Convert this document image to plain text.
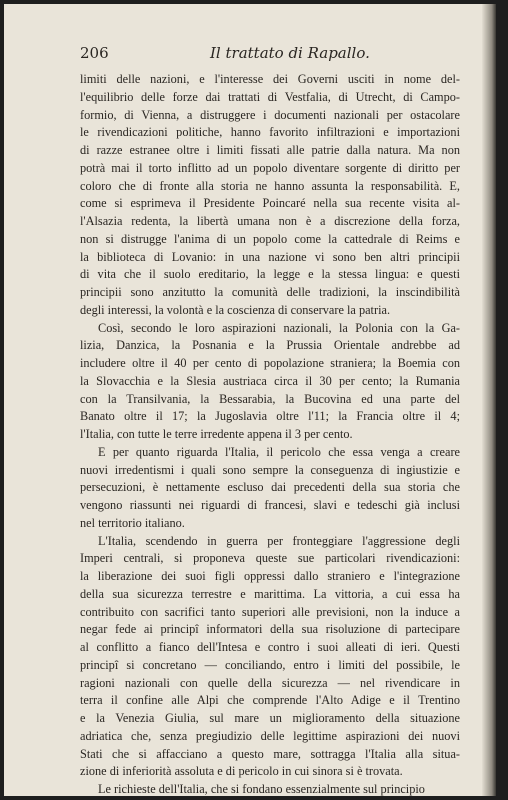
206	Il trattato di Rapallo.
limiti delle nazioni, e l'interesse dei Governi usciti in nome del-
l'equilibrio delle forze dai trattati di Vestfalia, di Utrecht, di Campo-
formio, di Vienna, a distruggere i documenti nazionali per ostacolare
le rivendicazioni politiche, hanno favorito infiltrazioni e importazioni
di razze estranee oltre i limiti fissati alle patrie dalla natura. Ma non
potrà mai il torto inflitto ad un popolo diventare sorgente di diritto per
coloro che di fronte alla storia ne hanno assunta la responsabilità. E,
come si esprimeva il Presidente Poincaré nella sua recente visita al-
l'Alsazia redenta, la libertà umana non è a discrezione della forza,
non si distrugge l'anima di un popolo come la cattedrale di Reims e
la biblioteca di Lovanio: in una nazione vi sono ben altri principii
di vita che il suolo ereditario, la legge e la stessa lingua: e questi
principii sono anzitutto la comunità delle tradizioni, la inscindibilità
degli interessi, la volontà e la coscienza di conservare la patria.
Così, secondo le loro aspirazioni nazionali, la Polonia con la Ga-
lizia, Danzica, la Posnania e la Prussia Orientale andrebbe ad
includere oltre il 40 per cento di popolazione straniera; la Boemia con
la Slovacchia e la Slesia austriaca circa il 30 per cento; la Rumania
con la Transilvania, la Bessarabia, la Bucovina ed una parte del
Banato oltre il 17; la Jugoslavia oltre l'11; la Francia oltre il 4;
l'Italia, con tutte le terre irredente appena il 3 per cento.
E per quanto riguarda l'Italia, il pericolo che essa venga a creare
nuovi irredentismi i quali sono sempre la conseguenza di ingiustizie e
persecuzioni, è nettamente escluso dai precedenti della sua storia che
vengono riassunti nei riguardi di francesi, slavi e tedeschi già inclusi
nel territorio italiano.
L'Italia, scendendo in guerra per fronteggiare l'aggressione degli
Imperi centrali, si proponeva queste sue particolari rivendicazioni:
la liberazione dei suoi figli oppressi dallo straniero e l'integrazione
della sua sicurezza terrestre e marittima. La vittoria, a cui essa ha
contribuito con sacrifici tanto superiori alle previsioni, non la induce a
negar fede ai principî informatori della sua risoluzione di partecipare
al conflitto a fianco dell'Intesa e contro i suoi alleati di ieri. Questi
principî si concretano — conciliando, entro i limiti del possibile, le
ragioni nazionali con quelle della sicurezza — nel rivendicare in
terra il confine alle Alpi che comprende l'Alto Adige e il Trentino
e la Venezia Giulia, sul mare un miglioramento della situazione
adriatica che, senza pregiudizio delle legittime aspirazioni dei nuovi
Stati che si affacciano a questo mare, sottragga l'Italia alla situa-
zione di inferiorità assoluta e di pericolo in cui sinora si è trovata.
Le richieste dell'Italia, che si fondano essenzialmente sul principio
